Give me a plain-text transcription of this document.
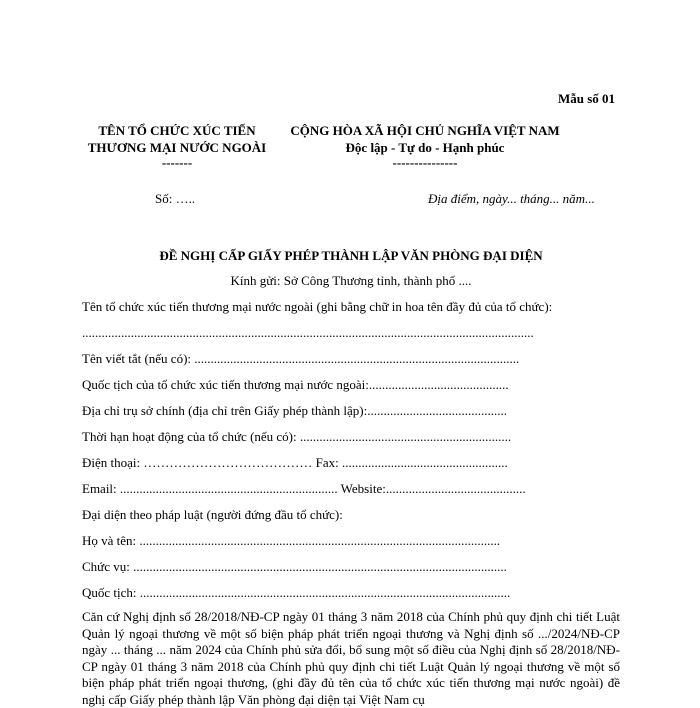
Mẫu số 01
TÊN TỔ CHỨC XÚC TIẾN
THƯƠNG MẠI NƯỚC NGOÀI
-------
CỘNG HÒA XÃ HỘI CHỦ NGHĨA VIỆT NAM
Độc lập - Tự do - Hạnh phúc
---------------
Số: …..	Địa điểm, ngày... tháng... năm...
ĐỀ NGHỊ CẤP GIẤY PHÉP THÀNH LẬP VĂN PHÒNG ĐẠI DIỆN
Kính gửi: Sở Công Thương tỉnh, thành phố ....
Tên tổ chức xúc tiến thương mại nước ngoài (ghi bằng chữ in hoa tên đầy đủ của tổ chức):
...........................................................................................................................................
Tên viết tắt (nếu có): ....................................................................................................
Quốc tịch của tổ chức xúc tiến thương mại nước ngoài:...........................................
Địa chỉ trụ sở chính (địa chỉ trên Giấy phép thành lập):...........................................
Thời hạn hoạt động của tổ chức (nếu có): .................................................................
Điện thoại: ………………………………… Fax: ...................................................
Email: ................................................................... Website:...........................................
Đại diện theo pháp luật (người đứng đầu tổ chức):
Họ và tên: ...............................................................................................................
Chức vụ: ...................................................................................................................
Quốc tịch: ..................................................................................................................
Căn cứ Nghị định số 28/2018/NĐ-CP ngày 01 tháng 3 năm 2018 của Chính phủ quy định chi tiết Luật Quản lý ngoại thương về một số biện pháp phát triển ngoại thương và Nghị định số .../2024/NĐ-CP ngày ... tháng ... năm 2024 của Chính phủ sửa đổi, bổ sung một số điều của Nghị định số 28/2018/NĐ-CP ngày 01 tháng 3 năm 2018 của Chính phủ quy định chi tiết Luật Quản lý ngoại thương về một số biện pháp phát triển ngoại thương, (ghi đầy đủ tên của tổ chức xúc tiến thương mại nước ngoài) đề nghị cấp Giấy phép thành lập Văn phòng đại diện tại Việt Nam cụ
